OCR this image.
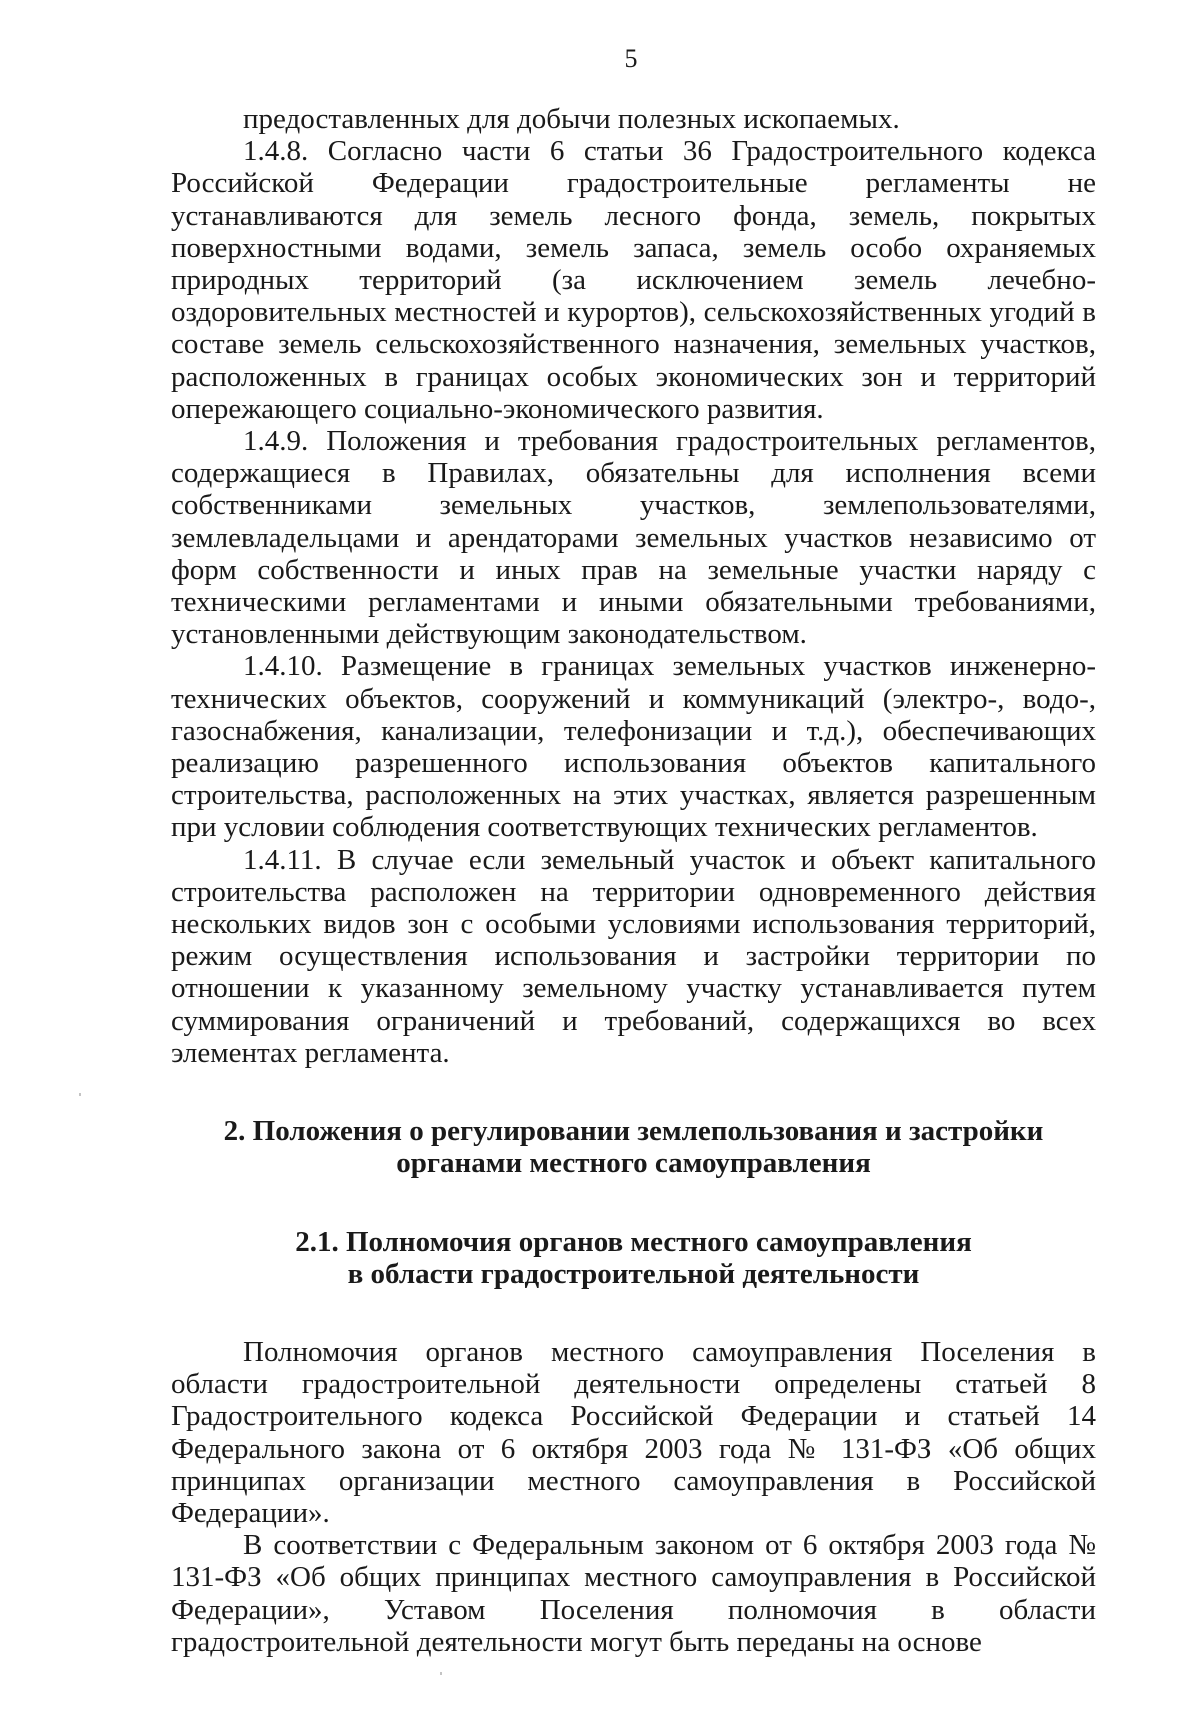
5

предоставленных для добычи полезных ископаемых.

1.4.8. Согласно части 6 статьи 36 Градостроительного кодекса Российской Федерации градостроительные регламенты не устанавливаются для земель лесного фонда, земель, покрытых поверхностными водами, земель запаса, земель особо охраняемых природных территорий (за исключением земель лечебно-оздоровительных местностей и курортов), сельскохозяйственных угодий в составе земель сельскохозяйственного назначения, земельных участков, расположенных в границах особых экономических зон и территорий опережающего социально-экономического развития.

1.4.9. Положения и требования градостроительных регламентов, содержащиеся в Правилах, обязательны для исполнения всеми собственниками земельных участков, землепользователями, землевладельцами и арендаторами земельных участков независимо от форм собственности и иных прав на земельные участки наряду с техническими регламентами и иными обязательными требованиями, установленными действующим законодательством.

1.4.10. Размещение в границах земельных участков инженерно-технических объектов, сооружений и коммуникаций (электро-, водо-, газоснабжения, канализации, телефонизации и т.д.), обеспечивающих реализацию разрешенного использования объектов капитального строительства, расположенных на этих участках, является разрешенным при условии соблюдения соответствующих технических регламентов.

1.4.11. В случае если земельный участок и объект капитального строительства расположен на территории одновременного действия нескольких видов зон с особыми условиями использования территорий, режим осуществления использования и застройки территории по отношении к указанному земельному участку устанавливается путем суммирования ограничений и требований, содержащихся во всех элементах регламента.

2. Положения о регулировании землепользования и застройки

органами местного самоуправления

2.1. Полномочия органов местного самоуправления

в области градостроительной деятельности

Полномочия органов местного самоуправления Поселения в области градостроительной деятельности определены статьей 8 Градостроительного кодекса Российской Федерации и статьей 14 Федерального закона от 6 октября 2003 года № 131-ФЗ «Об общих принципах организации местного самоуправления в Российской Федерации».

В соответствии с Федеральным законом от 6 октября 2003 года № 131-ФЗ «Об общих принципах местного самоуправления в Российской Федерации», Уставом Поселения полномочия в области градостроительной деятельности могут быть переданы на основе
